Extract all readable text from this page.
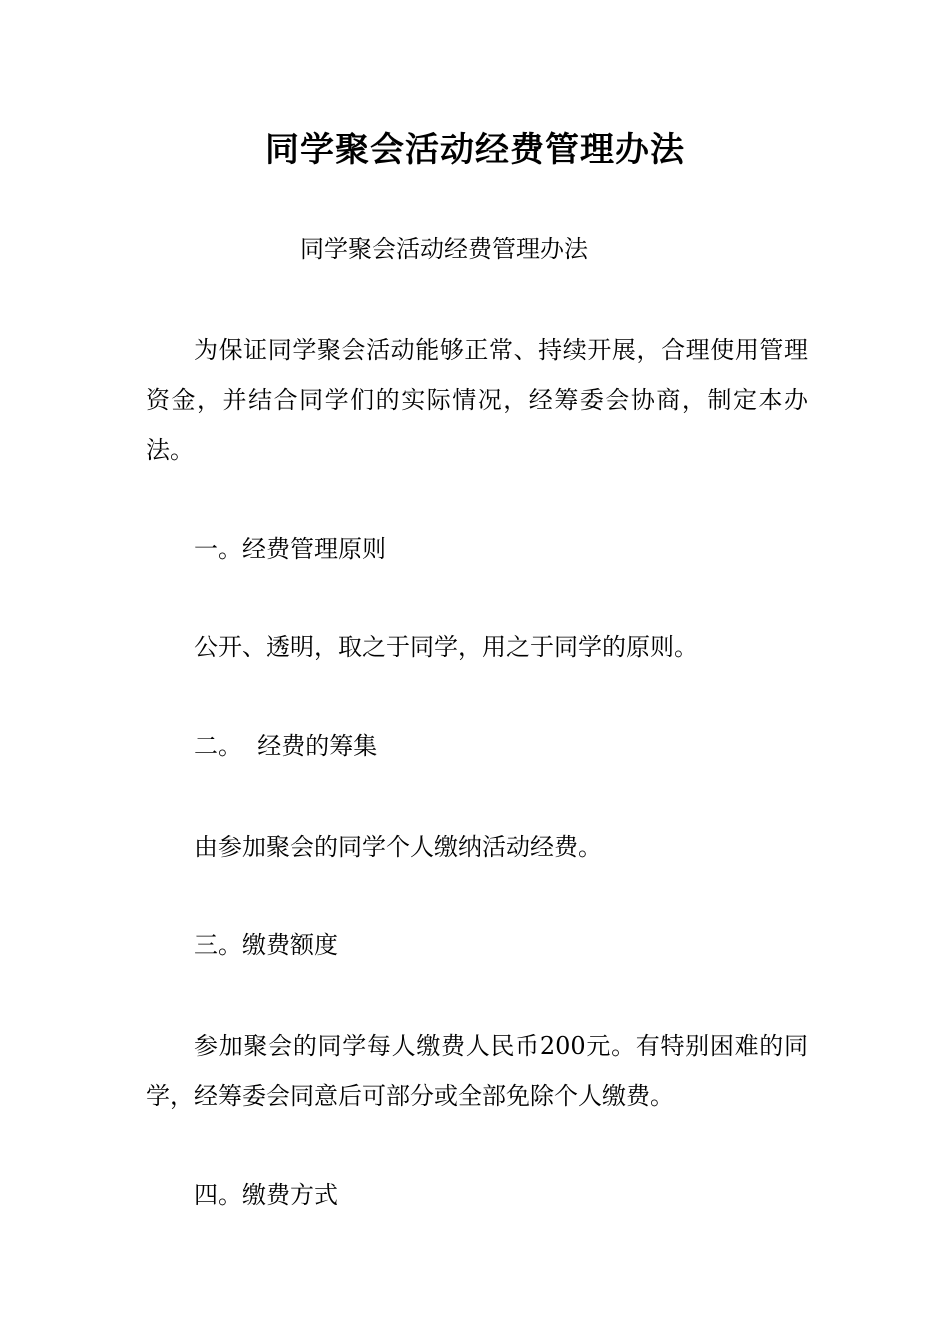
同学聚会活动经费管理办法
同学聚会活动经费管理办法
为保证同学聚会活动能够正常、持续开展，合理使用管理资金，并结合同学们的实际情况，经筹委会协商，制定本办法。
一。经费管理原则
公开、透明，取之于同学，用之于同学的原则。
二。  经费的筹集
由参加聚会的同学个人缴纳活动经费。
三。缴费额度
参加聚会的同学每人缴费人民币200元。有特别困难的同学，经筹委会同意后可部分或全部免除个人缴费。
四。缴费方式
